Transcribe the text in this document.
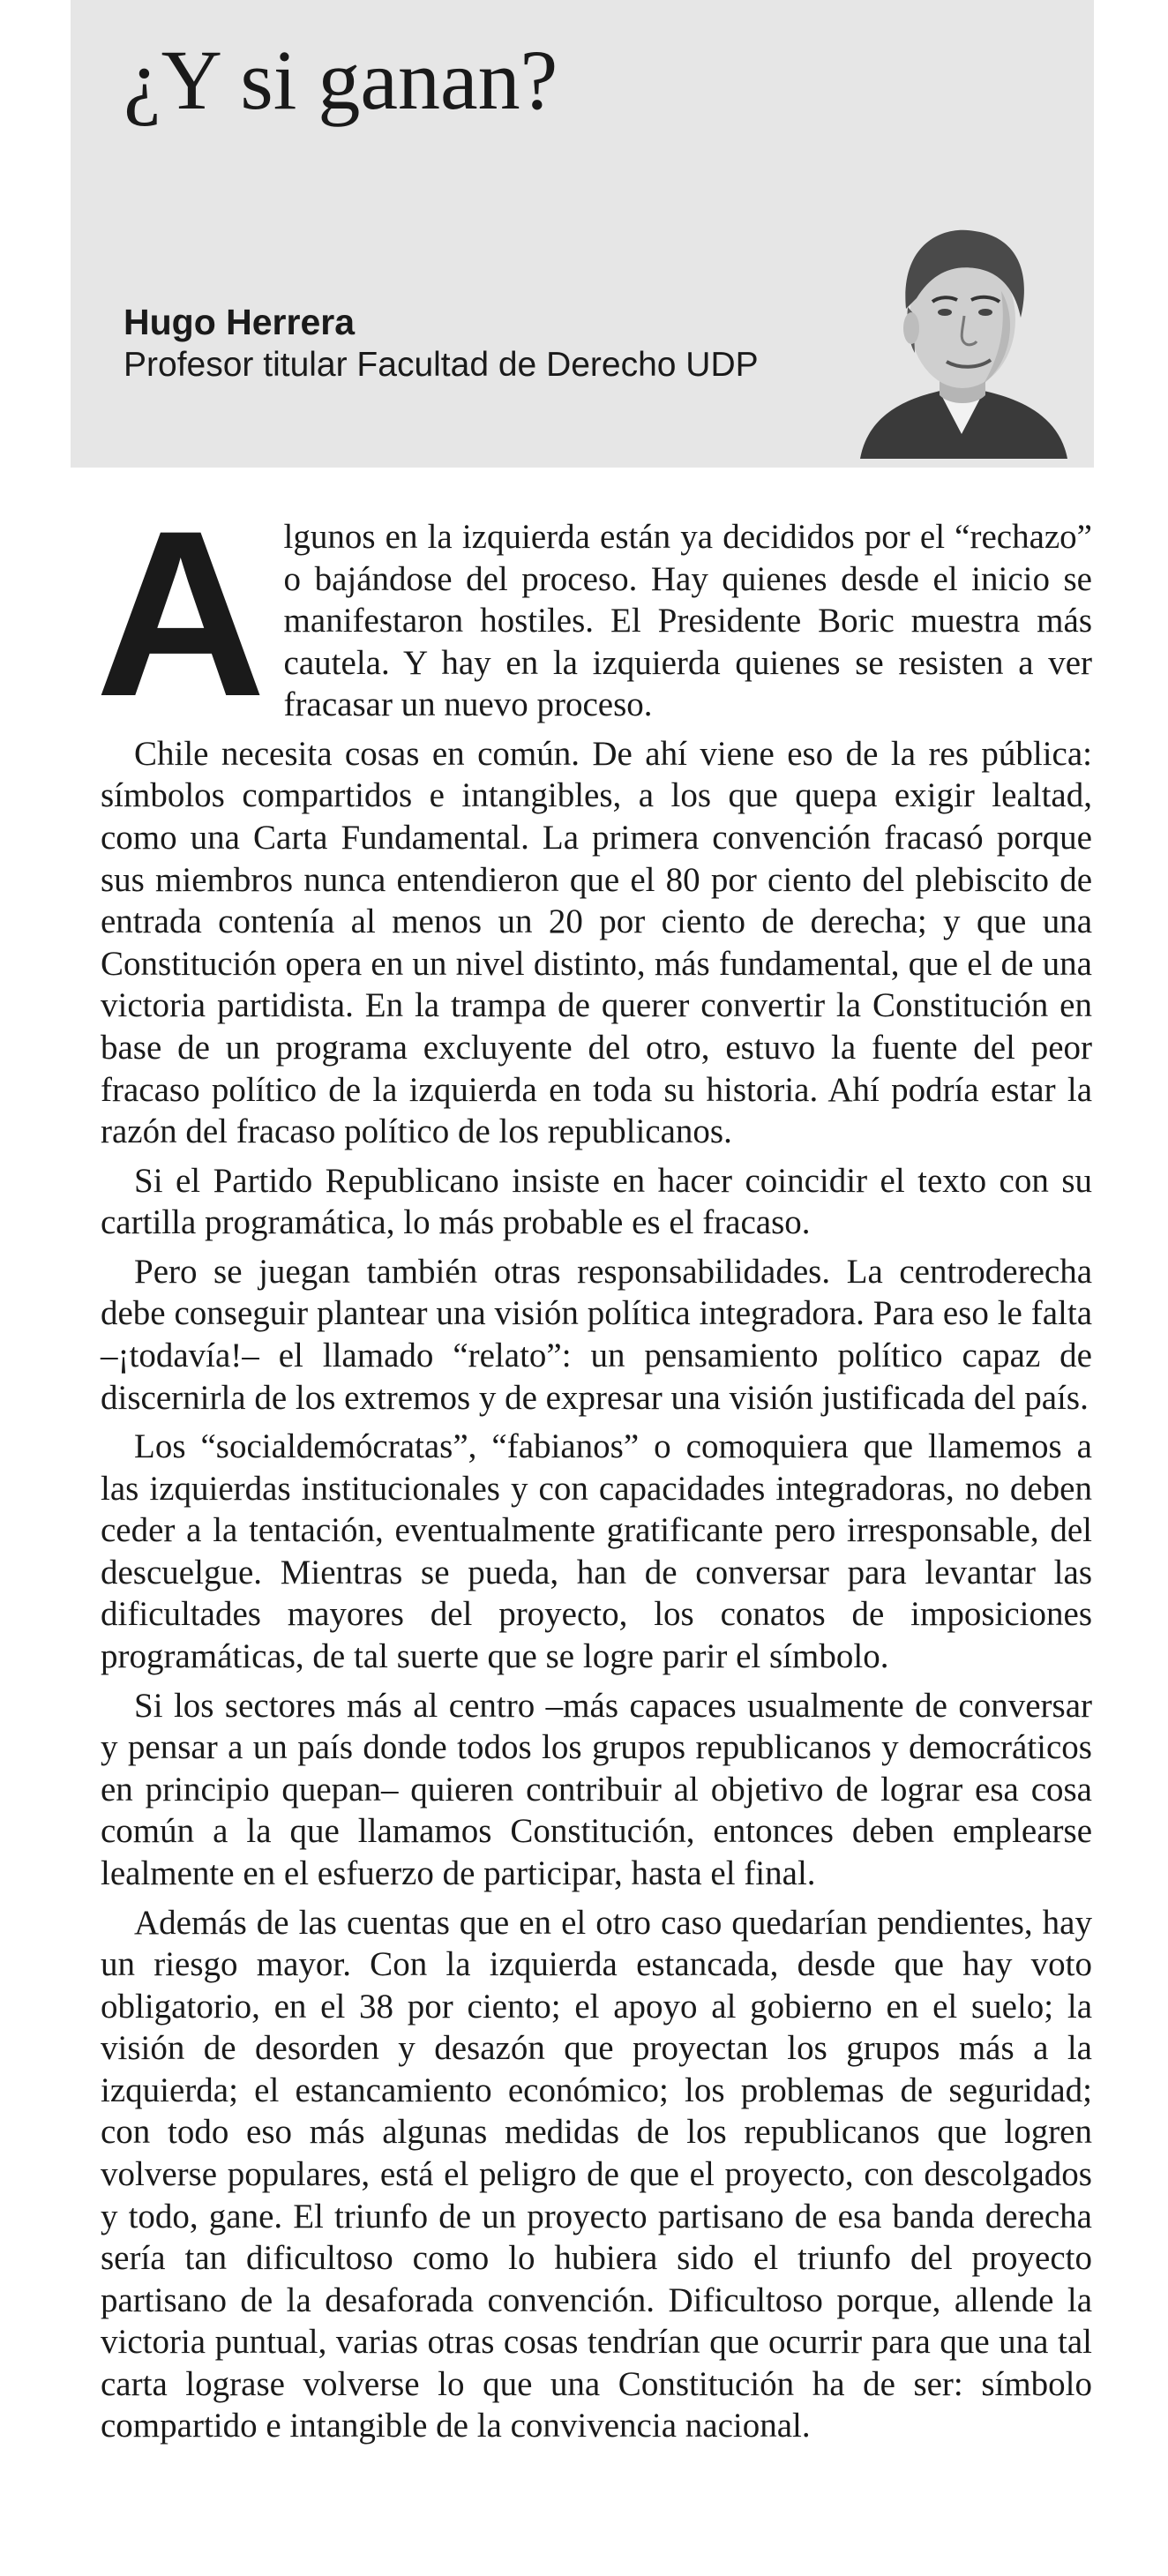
¿Y si ganan?
Hugo Herrera
Profesor titular Facultad de Derecho UDP

Algunos en la izquierda están ya decididos por el “rechazo” o bajándose del proceso. Hay quienes desde el inicio se manifestaron hostiles. El Presidente Boric muestra más cautela. Y hay en la izquierda quienes se resisten a ver fracasar un nuevo proceso.

Chile necesita cosas en común. De ahí viene eso de la res pública: símbolos compartidos e intangibles, a los que quepa exigir lealtad, como una Carta Fundamental. La primera convención fracasó porque sus miembros nunca entendieron que el 80 por ciento del plebiscito de entrada contenía al menos un 20 por ciento de derecha; y que una Constitución opera en un nivel distinto, más fundamental, que el de una victoria partidista. En la trampa de querer convertir la Constitución en base de un programa excluyente del otro, estuvo la fuente del peor fracaso político de la izquierda en toda su historia. Ahí podría estar la razón del fracaso político de los republicanos.

Si el Partido Republicano insiste en hacer coincidir el texto con su cartilla programática, lo más probable es el fracaso.

Pero se juegan también otras responsabilidades. La centroderecha debe conseguir plantear una visión política integradora. Para eso le falta –¡todavía!– el llamado “relato”: un pensamiento político capaz de discernirla de los extremos y de expresar una visión justificada del país.

Los “socialdemócratas”, “fabianos” o comoquiera que llamemos a las izquierdas institucionales y con capacidades integradoras, no deben ceder a la tentación, eventualmente gratificante pero irresponsable, del descuelgue. Mientras se pueda, han de conversar para levantar las dificultades mayores del proyecto, los conatos de imposiciones programáticas, de tal suerte que se logre parir el símbolo.

Si los sectores más al centro –más capaces usualmente de conversar y pensar a un país donde todos los grupos republicanos y democráticos en principio quepan– quieren contribuir al objetivo de lograr esa cosa común a la que llamamos Constitución, entonces deben emplearse lealmente en el esfuerzo de participar, hasta el final.

Además de las cuentas que en el otro caso quedarían pendientes, hay un riesgo mayor. Con la izquierda estancada, desde que hay voto obligatorio, en el 38 por ciento; el apoyo al gobierno en el suelo; la visión de desorden y desazón que proyectan los grupos más a la izquierda; el estancamiento económico; los problemas de seguridad; con todo eso más algunas medidas de los republicanos que logren volverse populares, está el peligro de que el proyecto, con descolgados y todo, gane. El triunfo de un proyecto partisano de esa banda derecha sería tan dificultoso como lo hubiera sido el triunfo del proyecto partisano de la desaforada convención. Dificultoso porque, allende la victoria puntual, varias otras cosas tendrían que ocurrir para que una tal carta lograse volverse lo que una Constitución ha de ser: símbolo compartido e intangible de la convivencia nacional.
